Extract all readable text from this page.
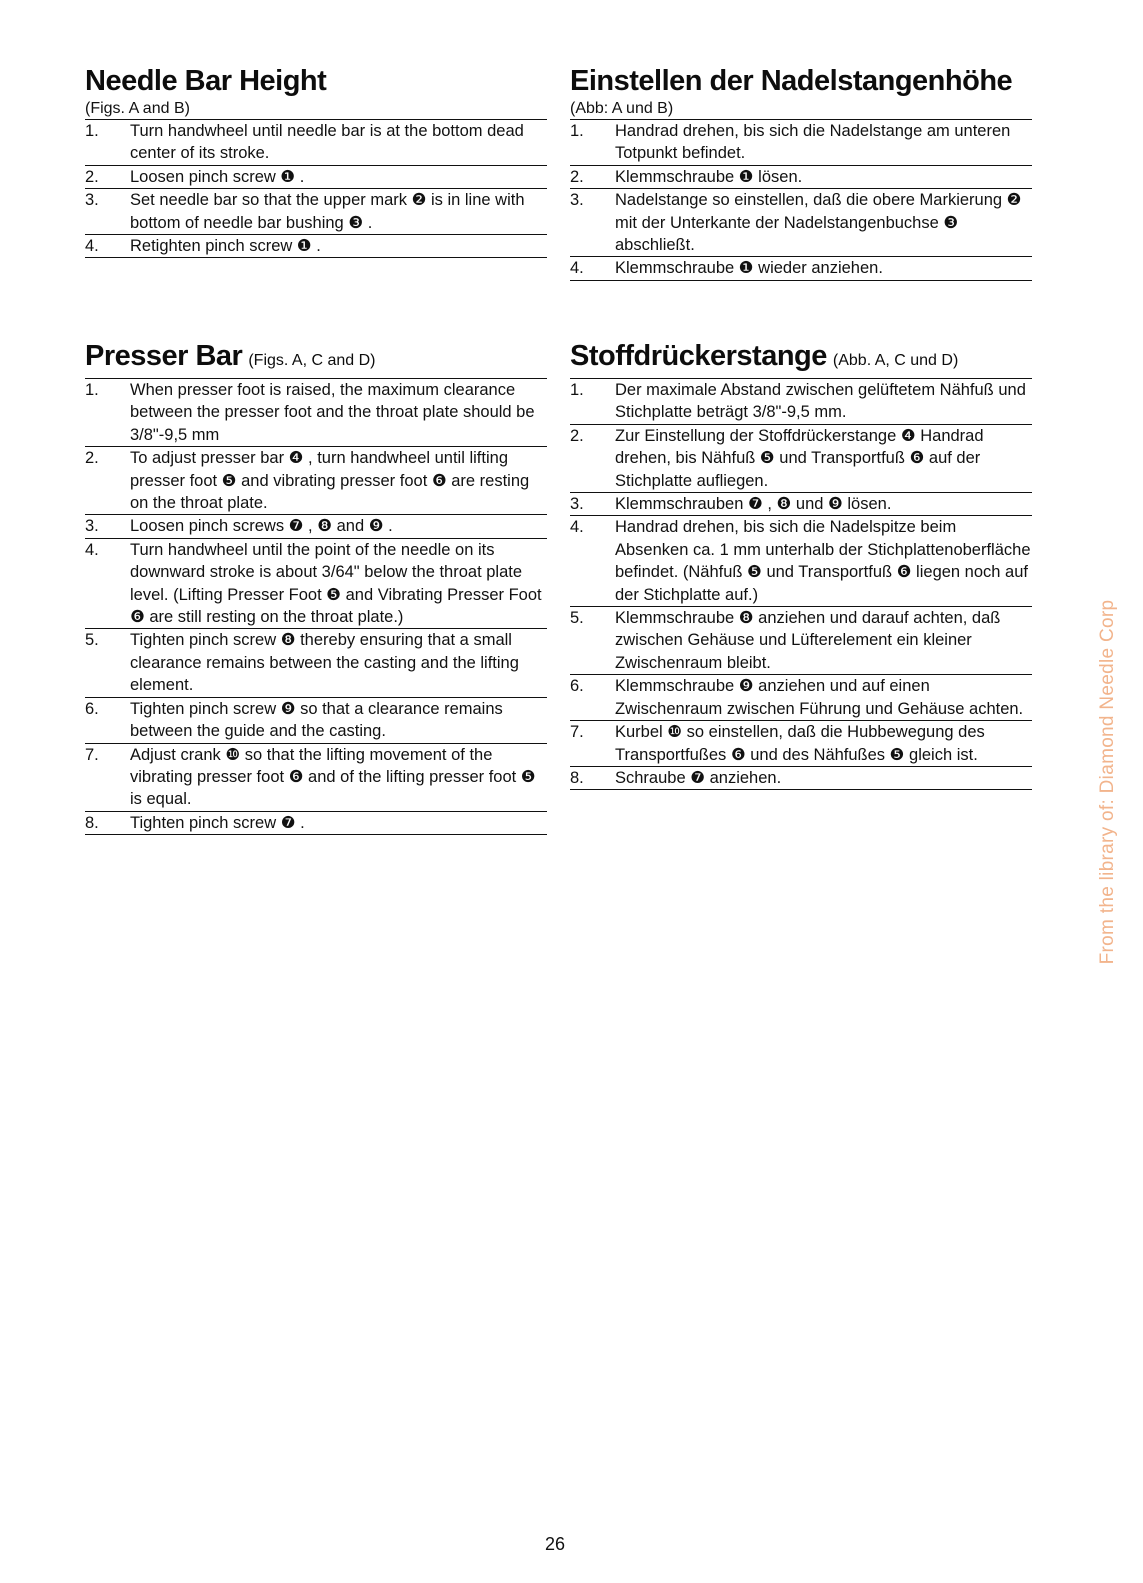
Needle Bar Height
(Figs. A and B)
1.	Turn handwheel until needle bar is at the bottom dead center of its stroke.
2.	Loosen pinch screw ❶ .
3.	Set needle bar so that the upper mark ❷ is in line with bottom of needle bar bushing ❸ .
4.	Retighten pinch screw ❶ .
Einstellen der Nadelstangenhöhe
(Abb: A und B)
1.	Handrad drehen, bis sich die Nadelstange am unteren Totpunkt befindet.
2.	Klemmschraube ❶ lösen.
3.	Nadelstange so einstellen, daß die obere Markierung ❷ mit der Unterkante der Nadelstangenbuchse ❸ abschließt.
4.	Klemmschraube ❶ wieder anziehen.
Presser Bar (Figs. A, C and D)
1.	When presser foot is raised, the maximum clearance between the presser foot and the throat plate should be 3/8"-9,5 mm
2.	To adjust presser bar ❹ , turn handwheel until lifting presser foot ❺ and vibrating presser foot ❻ are resting on the throat plate.
3.	Loosen pinch screws ❼ , ❽ and ❾ .
4.	Turn handwheel until the point of the needle on its downward stroke is about 3/64" below the throat plate level. (Lifting Presser Foot ❺ and Vibrating Presser Foot ❻ are still resting on the throat plate.)
5.	Tighten pinch screw ❽ thereby ensuring that a small clearance remains between the casting and the lifting element.
6.	Tighten pinch screw ❾ so that a clearance remains between the guide and the casting.
7.	Adjust crank ❿ so that the lifting movement of the vibrating presser foot ❻ and of the lifting presser foot ❺ is equal.
8.	Tighten pinch screw ❼ .
Stoffdrückerstange (Abb. A, C und D)
1.	Der maximale Abstand zwischen gelüftetem Nähfuß und Stichplatte beträgt 3/8"-9,5 mm.
2.	Zur Einstellung der Stoffdrückerstange ❹ Handrad drehen, bis Nähfuß ❺ und Transportfuß ❻ auf der Stichplatte aufliegen.
3.	Klemmschrauben ❼ , ❽ und ❾ lösen.
4.	Handrad drehen, bis sich die Nadelspitze beim Absenken ca. 1 mm unterhalb der Stichplattenoberfläche befindet. (Nähfuß ❺ und Transportfuß ❻ liegen noch auf der Stichplatte auf.)
5.	Klemmschraube ❽ anziehen und darauf achten, daß zwischen Gehäuse und Lüfterelement ein kleiner Zwischenraum bleibt.
6.	Klemmschraube ❾ anziehen und auf einen Zwischenraum zwischen Führung und Gehäuse achten.
7.	Kurbel ❿ so einstellen, daß die Hubbewegung des Transportfußes ❻ und des Nähfußes ❺ gleich ist.
8.	Schraube ❼ anziehen.	From the library of: Diamond Needle Corp
26
